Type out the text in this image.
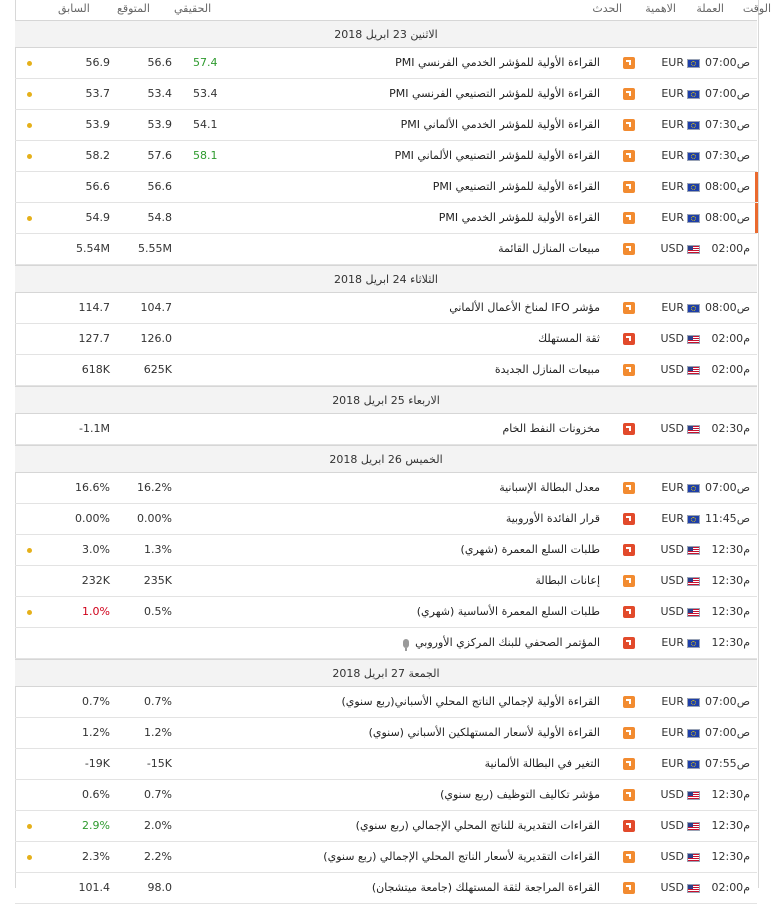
الوقت
العملة
الاهمية
الحدث
الحقيقي
المتوقع
السابق
الاثنين 23 ابريل 2018
07:00ص
EUR
القراءة الأولية للمؤشر الخدمي الفرنسي PMI
57.4
56.6
56.9
07:00ص
EUR
القراءة الأولية للمؤشر التصنيعي الفرنسي PMI
53.4
53.4
53.7
07:30ص
EUR
القراءة الأولية للمؤشر الخدمي الألماني PMI
54.1
53.9
53.9
07:30ص
EUR
القراءة الأولية للمؤشر التصنيعي الألماني PMI
58.1
57.6
58.2
08:00ص
EUR
القراءة الأولية للمؤشر التصنيعي PMI
56.6
56.6
08:00ص
EUR
القراءة الأولية للمؤشر الخدمي PMI
54.8
54.9
02:00م
USD
مبيعات المنازل القائمة
5.55M
5.54M
الثلاثاء 24 ابريل 2018
08:00ص
EUR
مؤشر IFO لمناخ الأعمال الألماني
104.7
114.7
02:00م
USD
ثقة المستهلك
126.0
127.7
02:00م
USD
مبيعات المنازل الجديدة
625K
618K
الاربعاء 25 ابريل 2018
02:30م
USD
مخزونات النفط الخام
-1.1M
الخميس 26 ابريل 2018
07:00ص
EUR
معدل البطالة الإسبانية
16.2%
16.6%
11:45ص
EUR
قرار الفائدة الأوروبية
0.00%
0.00%
12:30م
USD
طلبات السلع المعمرة (شهري)
1.3%
3.0%
12:30م
USD
إعانات البطالة
235K
232K
12:30م
USD
طلبات السلع المعمرة الأساسية (شهري)
0.5%
1.0%
12:30م
EUR
المؤتمر الصحفي للبنك المركزي الأوروبي
الجمعة 27 ابريل 2018
07:00ص
EUR
القراءة الأولية لإجمالي الناتج المحلي الأسباني(ربع سنوي)
0.7%
0.7%
07:00ص
EUR
القراءة الأولية لأسعار المستهلكين الأسباني (سنوي)
1.2%
1.2%
07:55ص
EUR
التغير في البطالة الألمانية
-15K
-19K
12:30م
USD
مؤشر تكاليف التوظيف (ربع سنوي)
0.7%
0.6%
12:30م
USD
القراءات التقديرية للناتج المحلي الإجمالي (ربع سنوي)
2.0%
2.9%
12:30م
USD
القراءات التقديرية لأسعار الناتج المحلي الإجمالي (ربع سنوي)
2.2%
2.3%
02:00م
USD
القراءة المراجعة لثقة المستهلك (جامعة ميتشجان)
98.0
101.4
